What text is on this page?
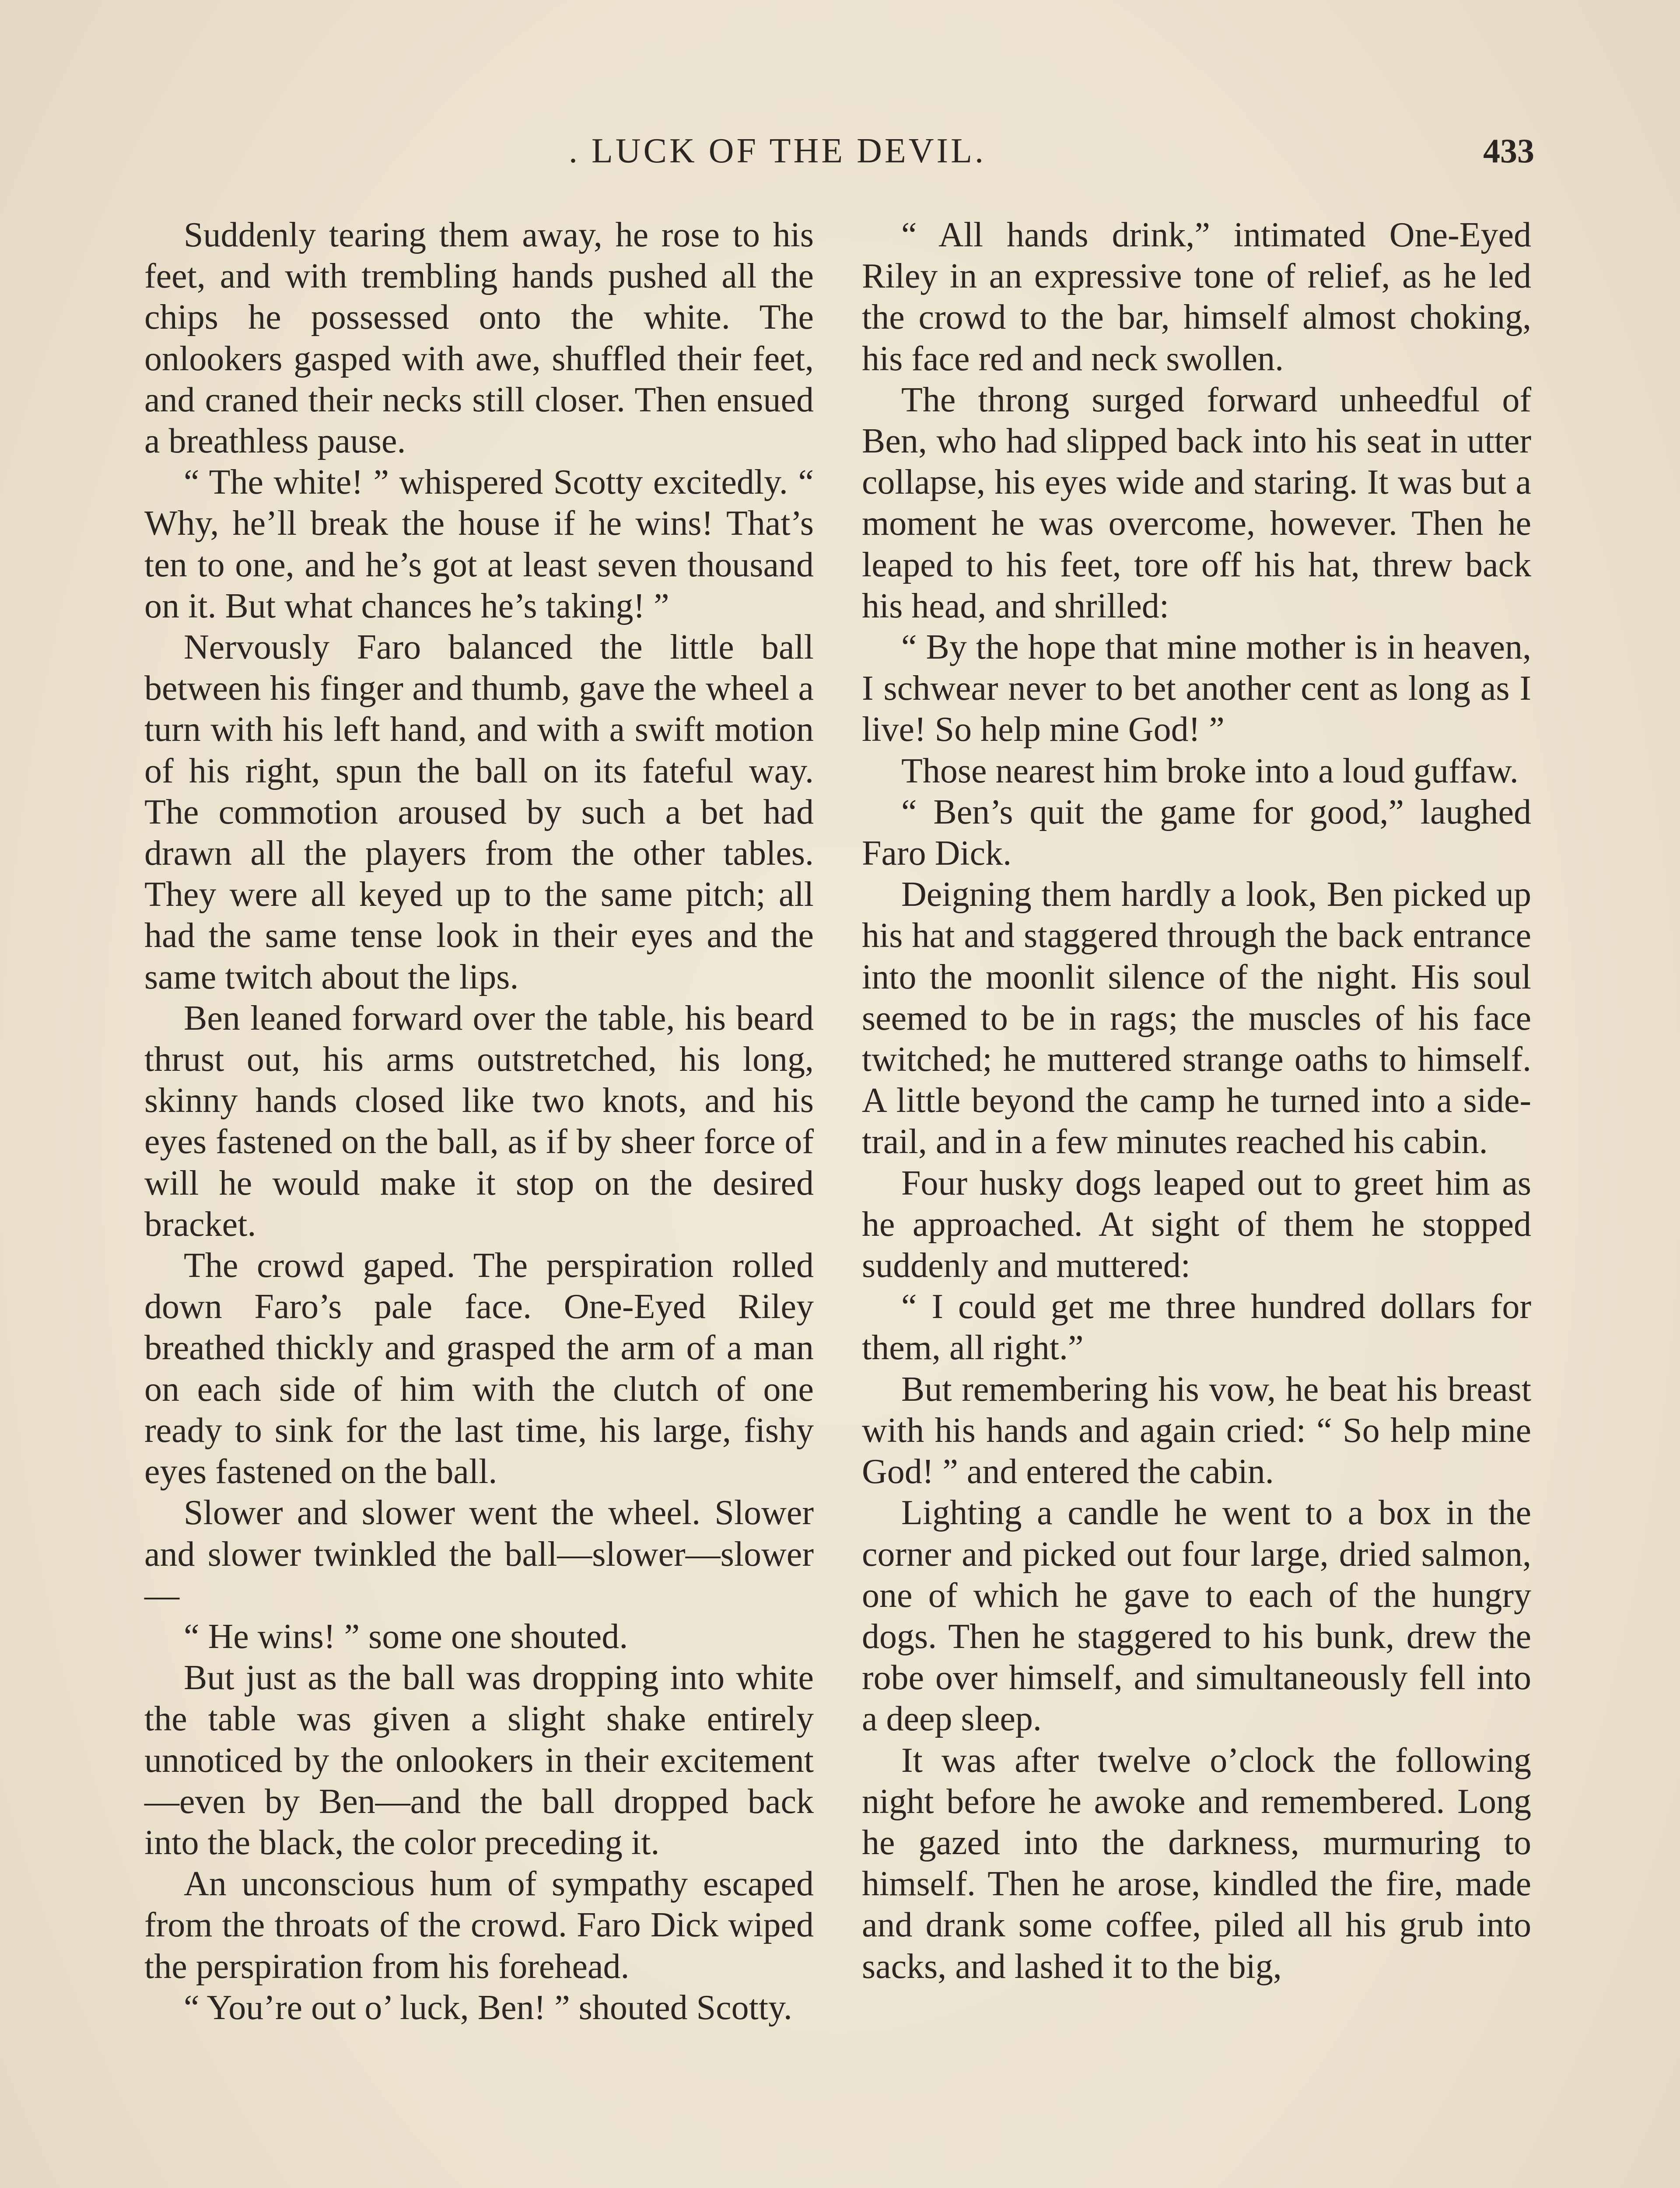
. LUCK OF THE DEVIL.	433

Suddenly tearing them away, he rose to his feet, and with trembling hands pushed all the chips he possessed onto the white. The onlookers gasped with awe, shuffled their feet, and craned their necks still closer. Then ensued a breathless pause.

“ The white! ” whispered Scotty excitedly. “ Why, he’ll break the house if he wins! That’s ten to one, and he’s got at least seven thousand on it. But what chances he’s taking! ”

Nervously Faro balanced the little ball between his finger and thumb, gave the wheel a turn with his left hand, and with a swift motion of his right, spun the ball on its fateful way. The commotion aroused by such a bet had drawn all the players from the other tables. They were all keyed up to the same pitch; all had the same tense look in their eyes and the same twitch about the lips.

Ben leaned forward over the table, his beard thrust out, his arms outstretched, his long, skinny hands closed like two knots, and his eyes fastened on the ball, as if by sheer force of will he would make it stop on the desired bracket.

The crowd gaped. The perspiration rolled down Faro’s pale face. One-Eyed Riley breathed thickly and grasped the arm of a man on each side of him with the clutch of one ready to sink for the last time, his large, fishy eyes fastened on the ball.

Slower and slower went the wheel. Slower and slower twinkled the ball—slower—slower—

“ He wins! ” some one shouted.

But just as the ball was dropping into white the table was given a slight shake entirely unnoticed by the onlookers in their excitement—even by Ben—and the ball dropped back into the black, the color preceding it.

An unconscious hum of sympathy escaped from the throats of the crowd. Faro Dick wiped the perspiration from his forehead.

“ You’re out o’ luck, Ben! ” shouted Scotty.

“ All hands drink,” intimated One-Eyed Riley in an expressive tone of relief, as he led the crowd to the bar, himself almost choking, his face red and neck swollen.

The throng surged forward unheedful of Ben, who had slipped back into his seat in utter collapse, his eyes wide and staring. It was but a moment he was overcome, however. Then he leaped to his feet, tore off his hat, threw back his head, and shrilled:

“ By the hope that mine mother is in heaven, I schwear never to bet another cent as long as I live! So help mine God! ”

Those nearest him broke into a loud guffaw.

“ Ben’s quit the game for good,” laughed Faro Dick.

Deigning them hardly a look, Ben picked up his hat and staggered through the back entrance into the moonlit silence of the night. His soul seemed to be in rags; the muscles of his face twitched; he muttered strange oaths to himself. A little beyond the camp he turned into a side-trail, and in a few minutes reached his cabin.

Four husky dogs leaped out to greet him as he approached. At sight of them he stopped suddenly and muttered:

“ I could get me three hundred dollars for them, all right.”

But remembering his vow, he beat his breast with his hands and again cried: “ So help mine God! ” and entered the cabin.

Lighting a candle he went to a box in the corner and picked out four large, dried salmon, one of which he gave to each of the hungry dogs. Then he staggered to his bunk, drew the robe over himself, and simultaneously fell into a deep sleep.

It was after twelve o’clock the following night before he awoke and remembered. Long he gazed into the darkness, murmuring to himself. Then he arose, kindled the fire, made and drank some coffee, piled all his grub into sacks, and lashed it to the big,
